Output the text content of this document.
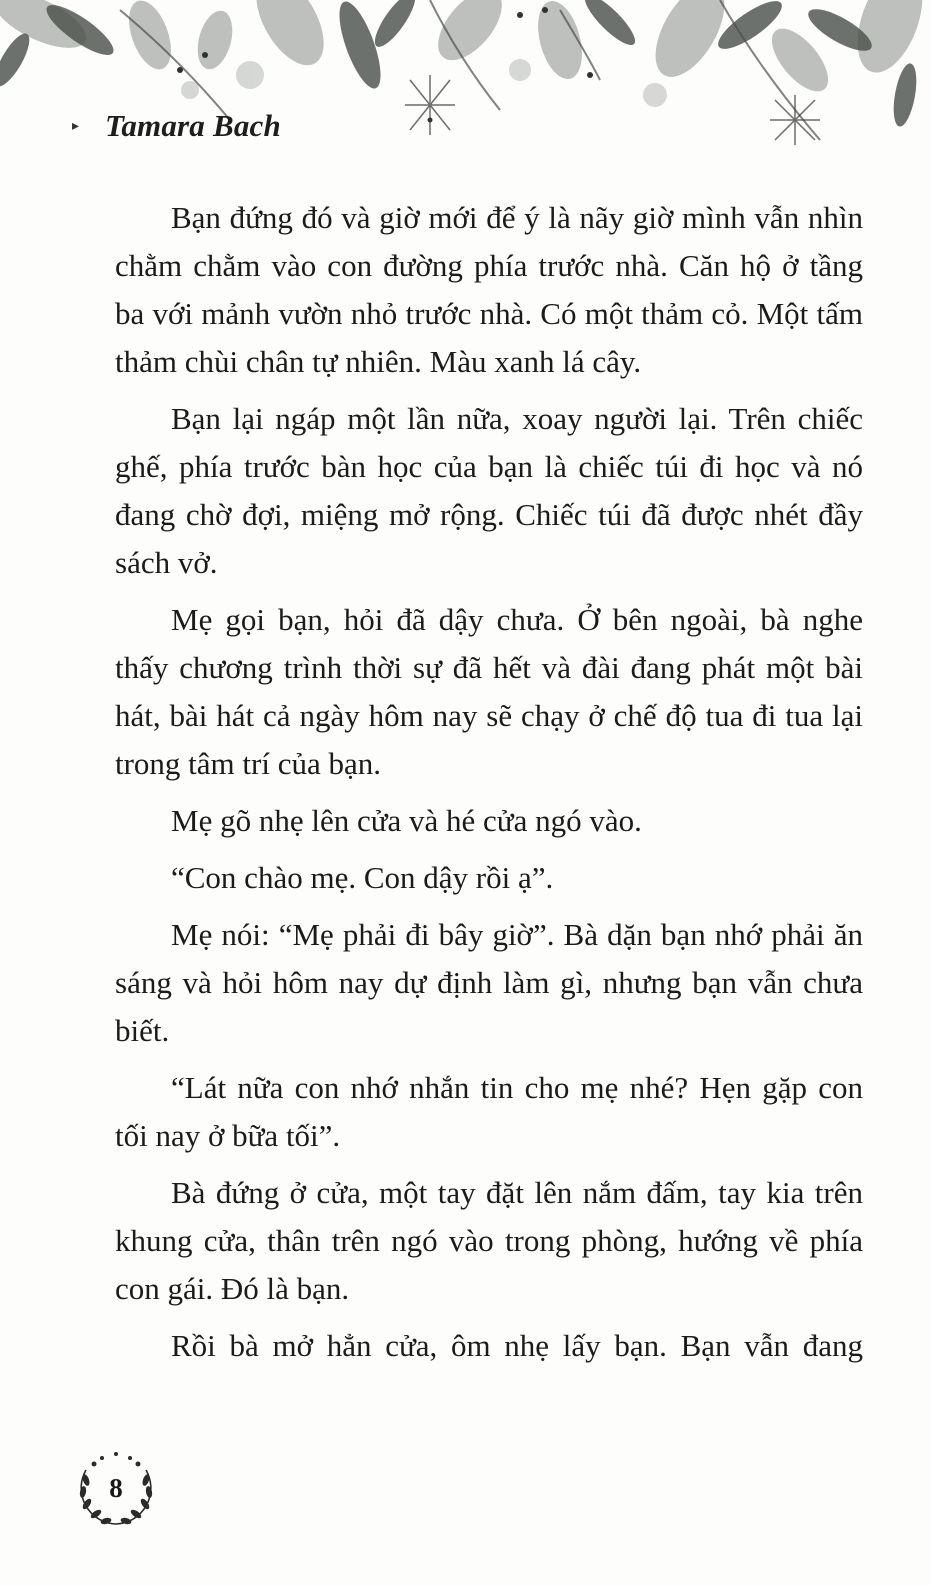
▸ Tamara Bach

Bạn đứng đó và giờ mới để ý là nãy giờ mình vẫn nhìn chằm chằm vào con đường phía trước nhà. Căn hộ ở tầng ba với mảnh vườn nhỏ trước nhà. Có một thảm cỏ. Một tấm thảm chùi chân tự nhiên. Màu xanh lá cây.

Bạn lại ngáp một lần nữa, xoay người lại. Trên chiếc ghế, phía trước bàn học của bạn là chiếc túi đi học và nó đang chờ đợi, miệng mở rộng. Chiếc túi đã được nhét đầy sách vở.

Mẹ gọi bạn, hỏi đã dậy chưa. Ở bên ngoài, bà nghe thấy chương trình thời sự đã hết và đài đang phát một bài hát, bài hát cả ngày hôm nay sẽ chạy ở chế độ tua đi tua lại trong tâm trí của bạn.

Mẹ gõ nhẹ lên cửa và hé cửa ngó vào.

“Con chào mẹ. Con dậy rồi ạ”.

Mẹ nói: “Mẹ phải đi bây giờ”. Bà dặn bạn nhớ phải ăn sáng và hỏi hôm nay dự định làm gì, nhưng bạn vẫn chưa biết.

“Lát nữa con nhớ nhắn tin cho mẹ nhé? Hẹn gặp con tối nay ở bữa tối”.

Bà đứng ở cửa, một tay đặt lên nắm đấm, tay kia trên khung cửa, thân trên ngó vào trong phòng, hướng về phía con gái. Đó là bạn.

Rồi bà mở hẳn cửa, ôm nhẹ lấy bạn. Bạn vẫn đang

8
